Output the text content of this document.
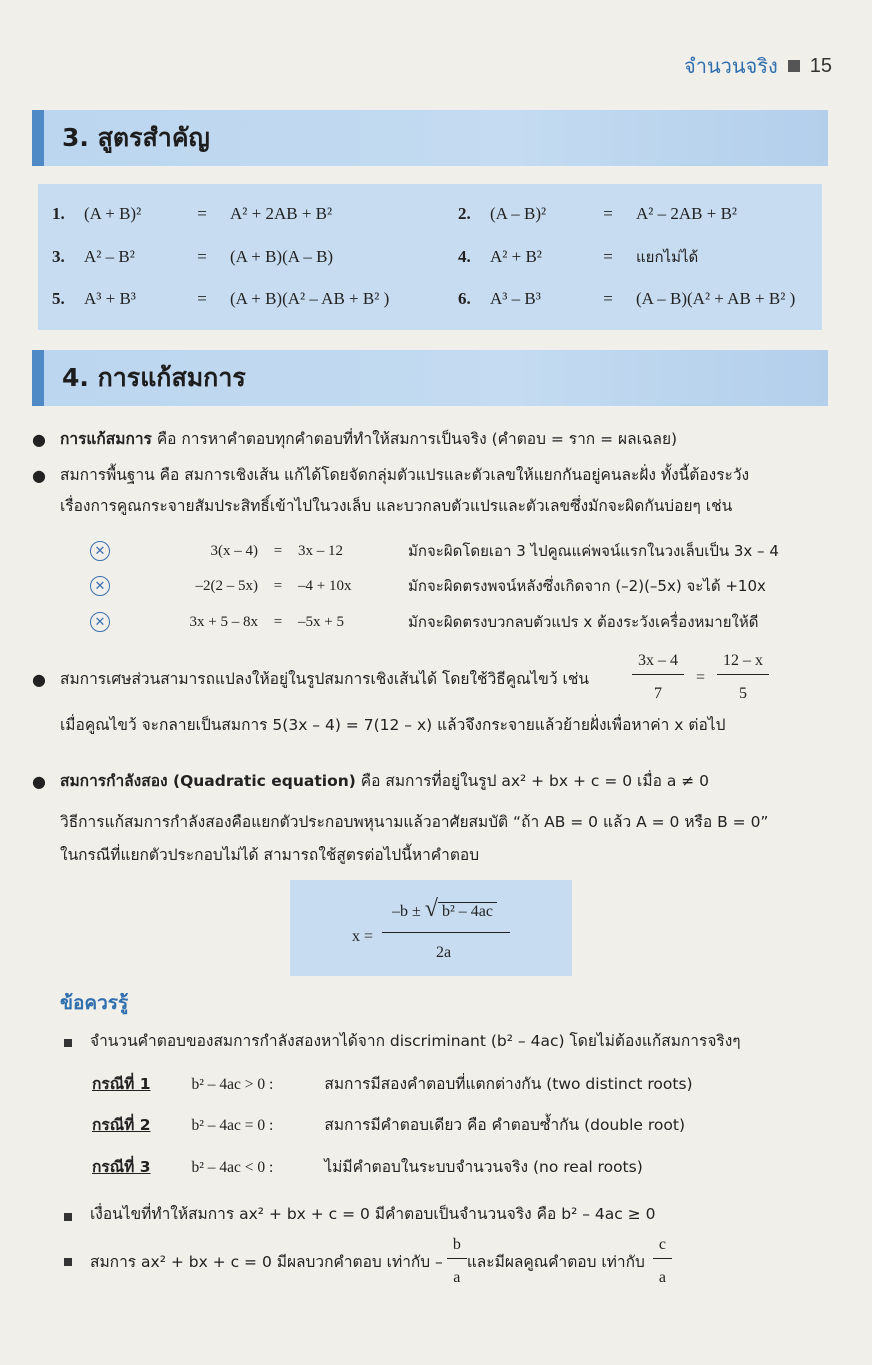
จำนวนจริง 15
3. สูตรสำคัญ
1.	(A + B)²	=	A² + 2AB + B²	2.	(A – B)²	=	A² – 2AB + B²
3.	A² – B²	=	(A + B)(A – B)	4.	A² + B²	=	แยกไม่ได้
5.	A³ + B³	=	(A + B)(A² – AB + B² )	6.	A³ – B³	=	(A – B)(A² + AB + B² )
4. การแก้สมการ
● การแก้สมการ คือ การหาคำตอบทุกคำตอบที่ทำให้สมการเป็นจริง (คำตอบ = ราก = ผลเฉลย)
● สมการพื้นฐาน คือ สมการเชิงเส้น แก้ได้โดยจัดกลุ่มตัวแปรและตัวเลขให้แยกกันอยู่คนละฝั่ง ทั้งนี้ต้องระวัง
เรื่องการคูณกระจายสัมประสิทธิ์เข้าไปในวงเล็บ และบวกลบตัวแปรและตัวเลขซึ่งมักจะผิดกันบ่อยๆ เช่น
✕	3(x – 4)	=	3x – 12	มักจะผิดโดยเอา 3 ไปคูณแค่พจน์แรกในวงเล็บเป็น 3x – 4
✕	–2(2 – 5x)	=	–4 + 10x	มักจะผิดตรงพจน์หลังซึ่งเกิดจาก (–2)(–5x) จะได้ +10x
✕	3x + 5 – 8x	=	–5x + 5	มักจะผิดตรงบวกลบตัวแปร x ต้องระวังเครื่องหมายให้ดี
● สมการเศษส่วนสามารถแปลงให้อยู่ในรูปสมการเชิงเส้นได้ โดยใช้วิธีคูณไขว้ เช่น	$\frac{3x - 4}{7} = \frac{12 - x}{5}$
เมื่อคูณไขว้ จะกลายเป็นสมการ 5(3x – 4) = 7(12 – x) แล้วจึงกระจายแล้วย้ายฝั่งเพื่อหาค่า x ต่อไป
● สมการกำลังสอง (Quadratic equation) คือ สมการที่อยู่ในรูป ax² + bx + c = 0 เมื่อ a ≠ 0
วิธีการแก้สมการกำลังสองคือแยกตัวประกอบพหุนามแล้วอาศัยสมบัติ “ถ้า AB = 0 แล้ว A = 0 หรือ B = 0”
ในกรณีที่แยกตัวประกอบไม่ได้ สามารถใช้สูตรต่อไปนี้หาคำตอบ
x =
–b ± √ b² – 4ac
2a
ข้อควรรู้
จำนวนคำตอบของสมการกำลังสองหาได้จาก discriminant (b² – 4ac) โดยไม่ต้องแก้สมการจริงๆ
กรณีที่ 1	b² – 4ac > 0 :	สมการมีสองคำตอบที่แตกต่างกัน (two distinct roots)
กรณีที่ 2	b² – 4ac = 0 :	สมการมีคำตอบเดียว คือ คำตอบซ้ำกัน (double root)
กรณีที่ 3	b² – 4ac < 0 :	ไม่มีคำตอบในระบบจำนวนจริง (no real roots)
เงื่อนไขที่ทำให้สมการ ax² + bx + c = 0 มีคำตอบเป็นจำนวนจริง คือ b² – 4ac ≥ 0
สมการ ax² + bx + c = 0 มีผลบวกคำตอบ เท่ากับ – $\frac{b}{a}$ และมีผลคูณคำตอบ เท่ากับ $\frac{c}{a}$
